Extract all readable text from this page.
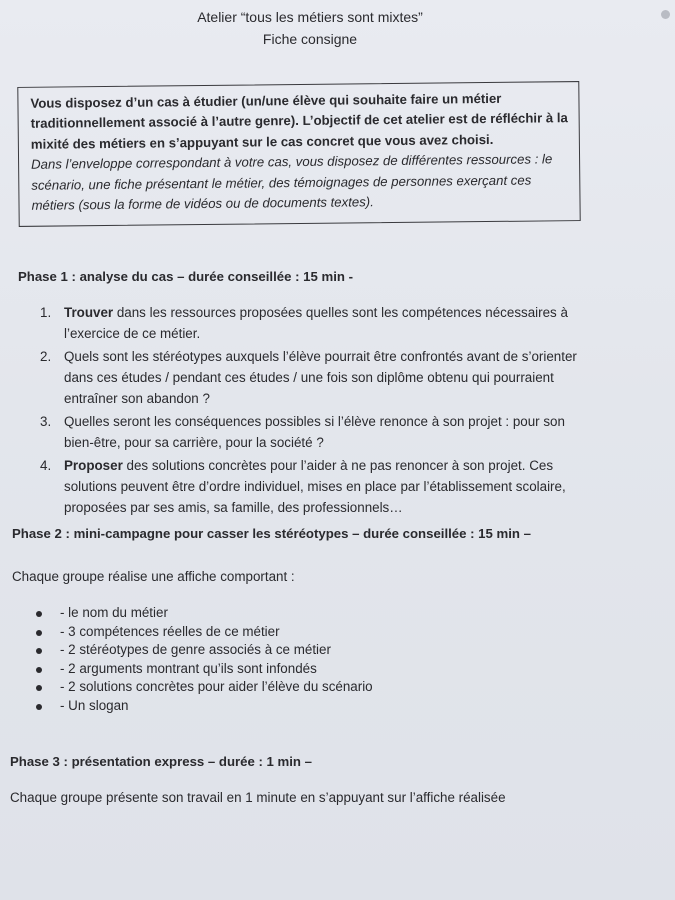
Atelier “tous les métiers sont mixtes”
Fiche consigne
Vous disposez d’un cas à étudier (un/une élève qui souhaite faire un métier traditionnellement associé à l’autre genre). L’objectif de cet atelier est de réfléchir à la mixité des métiers en s’appuyant sur le cas concret que vous avez choisi.
Dans l’enveloppe correspondant à votre cas, vous disposez de différentes ressources : le scénario, une fiche présentant le métier, des témoignages de personnes exerçant ces métiers (sous la forme de vidéos ou de documents textes).
Phase 1 : analyse du cas – durée conseillée : 15 min -
1. Trouver dans les ressources proposées quelles sont les compétences nécessaires à l’exercice de ce métier.
2. Quels sont les stéréotypes auxquels l’élève pourrait être confrontés avant de s’orienter dans ces études / pendant ces études / une fois son diplôme obtenu qui pourraient entraîner son abandon ?
3. Quelles seront les conséquences possibles si l’élève renonce à son projet : pour son bien-être, pour sa carrière, pour la société ?
4. Proposer des solutions concrètes pour l’aider à ne pas renoncer à son projet. Ces solutions peuvent être d’ordre individuel, mises en place par l’établissement scolaire, proposées par ses amis, sa famille, des professionnels…
Phase 2 : mini-campagne pour casser les stéréotypes – durée conseillée : 15 min –
Chaque groupe réalise une affiche comportant :
- le nom du métier
- 3 compétences réelles de ce métier
- 2 stéréotypes de genre associés à ce métier
- 2 arguments montrant qu’ils sont infondés
- 2 solutions concrètes pour aider l’élève du scénario
- Un slogan
Phase 3 : présentation express – durée : 1 min –
Chaque groupe présente son travail en 1 minute en s’appuyant sur l’affiche réalisée
